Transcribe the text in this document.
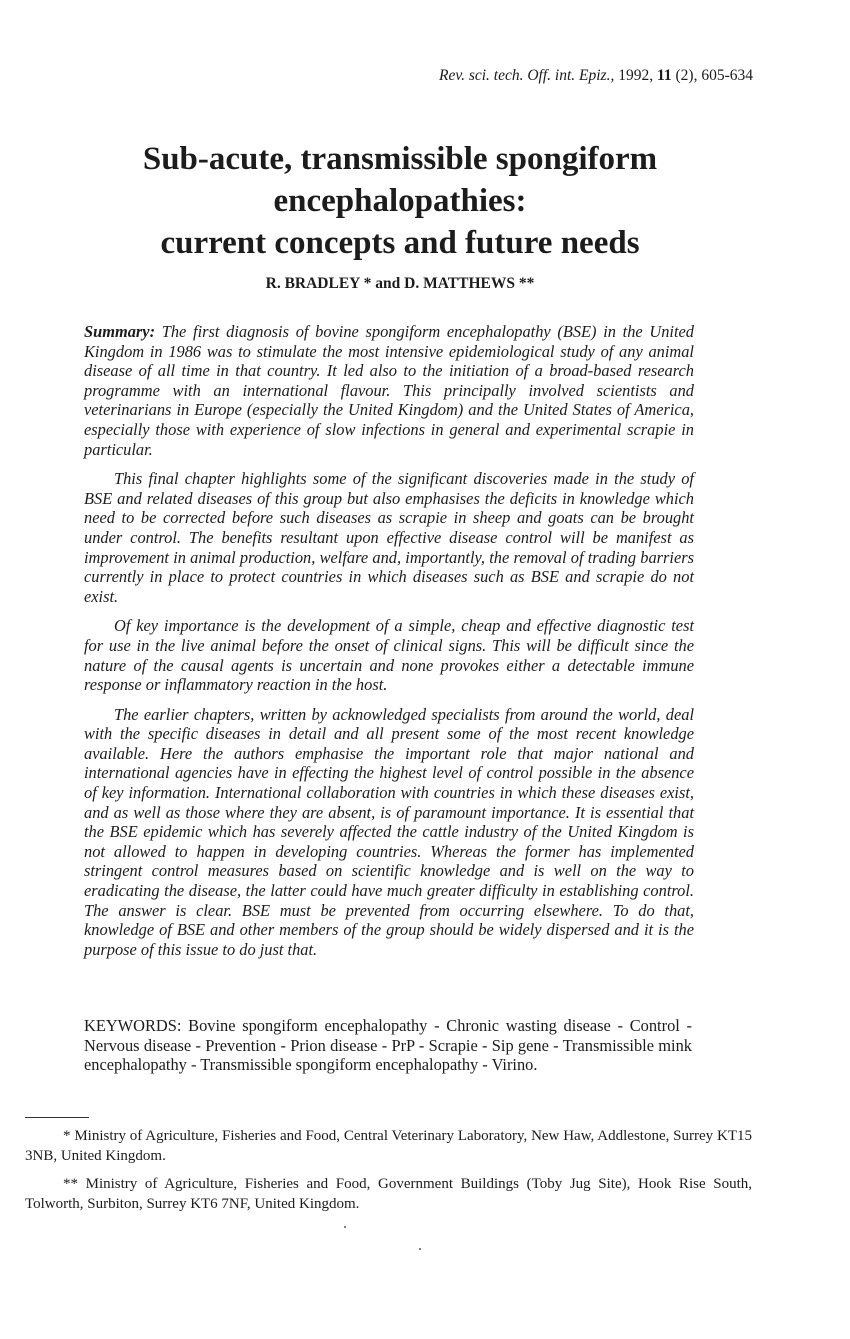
Rev. sci. tech. Off. int. Epiz., 1992, 11 (2), 605-634
Sub-acute, transmissible spongiform
encephalopathies:
current concepts and future needs
R. BRADLEY * and D. MATTHEWS **

Summary: The first diagnosis of bovine spongiform encephalopathy (BSE) in the United Kingdom in 1986 was to stimulate the most intensive epidemiological study of any animal disease of all time in that country. It led also to the initiation of a broad-based research programme with an international flavour. This principally involved scientists and veterinarians in Europe (especially the United Kingdom) and the United States of America, especially those with experience of slow infections in general and experimental scrapie in particular.

This final chapter highlights some of the significant discoveries made in the study of BSE and related diseases of this group but also emphasises the deficits in knowledge which need to be corrected before such diseases as scrapie in sheep and goats can be brought under control. The benefits resultant upon effective disease control will be manifest as improvement in animal production, welfare and, importantly, the removal of trading barriers currently in place to protect countries in which diseases such as BSE and scrapie do not exist.

Of key importance is the development of a simple, cheap and effective diagnostic test for use in the live animal before the onset of clinical signs. This will be difficult since the nature of the causal agents is uncertain and none provokes either a detectable immune response or inflammatory reaction in the host.

The earlier chapters, written by acknowledged specialists from around the world, deal with the specific diseases in detail and all present some of the most recent knowledge available. Here the authors emphasise the important role that major national and international agencies have in effecting the highest level of control possible in the absence of key information. International collaboration with countries in which these diseases exist, and as well as those where they are absent, is of paramount importance. It is essential that the BSE epidemic which has severely affected the cattle industry of the United Kingdom is not allowed to happen in developing countries. Whereas the former has implemented stringent control measures based on scientific knowledge and is well on the way to eradicating the disease, the latter could have much greater difficulty in establishing control. The answer is clear. BSE must be prevented from occurring elsewhere. To do that, knowledge of BSE and other members of the group should be widely dispersed and it is the purpose of this issue to do just that.

KEYWORDS: Bovine spongiform encephalopathy - Chronic wasting disease - Control - Nervous disease - Prevention - Prion disease - PrP - Scrapie - Sip gene - Transmissible mink encephalopathy - Transmissible spongiform encephalopathy - Virino.

* Ministry of Agriculture, Fisheries and Food, Central Veterinary Laboratory, New Haw, Addlestone, Surrey KT15 3NB, United Kingdom.

** Ministry of Agriculture, Fisheries and Food, Government Buildings (Toby Jug Site), Hook Rise South, Tolworth, Surbiton, Surrey KT6 7NF, United Kingdom.
